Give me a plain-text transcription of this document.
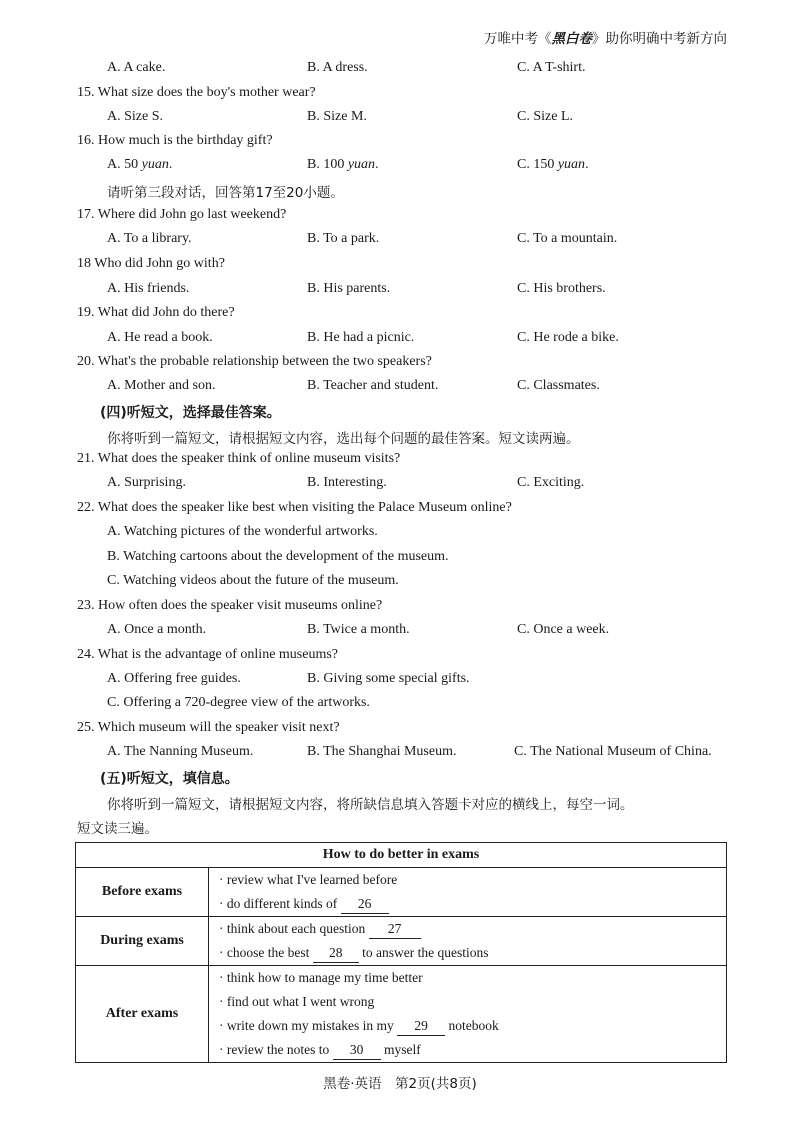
万唯中考《黑白卷》助你明确中考新方向
A. A cake.	B. A dress.	C. A T-shirt.
15. What size does the boy's mother wear?
A. Size S.	B. Size M.	C. Size L.
16. How much is the birthday gift?
A. 50 yuan.	B. 100 yuan.	C. 150 yuan.
请听第三段对话，回答第17至20小题。
17. Where did John go last weekend?
A. To a library.	B. To a park.	C. To a mountain.
18 Who did John go with?
A. His friends.	B. His parents.	C. His brothers.
19. What did John do there?
A. He read a book.	B. He had a picnic.	C. He rode a bike.
20. What's the probable relationship between the two speakers?
A. Mother and son.	B. Teacher and student.	C. Classmates.
(四)听短文，选择最佳答案。
你将听到一篇短文，请根据短文内容，选出每个问题的最佳答案。短文读两遍。
21. What does the speaker think of online museum visits?
A. Surprising.	B. Interesting.	C. Exciting.
22. What does the speaker like best when visiting the Palace Museum online?
A. Watching pictures of the wonderful artworks.
B. Watching cartoons about the development of the museum.
C. Watching videos about the future of the museum.
23. How often does the speaker visit museums online?
A. Once a month.	B. Twice a month.	C. Once a week.
24. What is the advantage of online museums?
A. Offering free guides.	B. Giving some special gifts.
C. Offering a 720-degree view of the artworks.
25. Which museum will the speaker visit next?
A. The Nanning Museum.	B. The Shanghai Museum.	C. The National Museum of China.
(五)听短文，填信息。
你将听到一篇短文，请根据短文内容，将所缺信息填入答题卡对应的横线上，每空一词。
短文读三遍。
How to do better in exams	
Before exams	· review what I've learned before
· do different kinds of 26

During exams	· think about each question 27
· choose the best 28 to answer the questions

After exams	· think how to manage my time better
· find out what I went wrong
· write down my mistakes in my 29 notebook
· review the notes to 30 myself
黑卷·英语　第2页(共8页)
